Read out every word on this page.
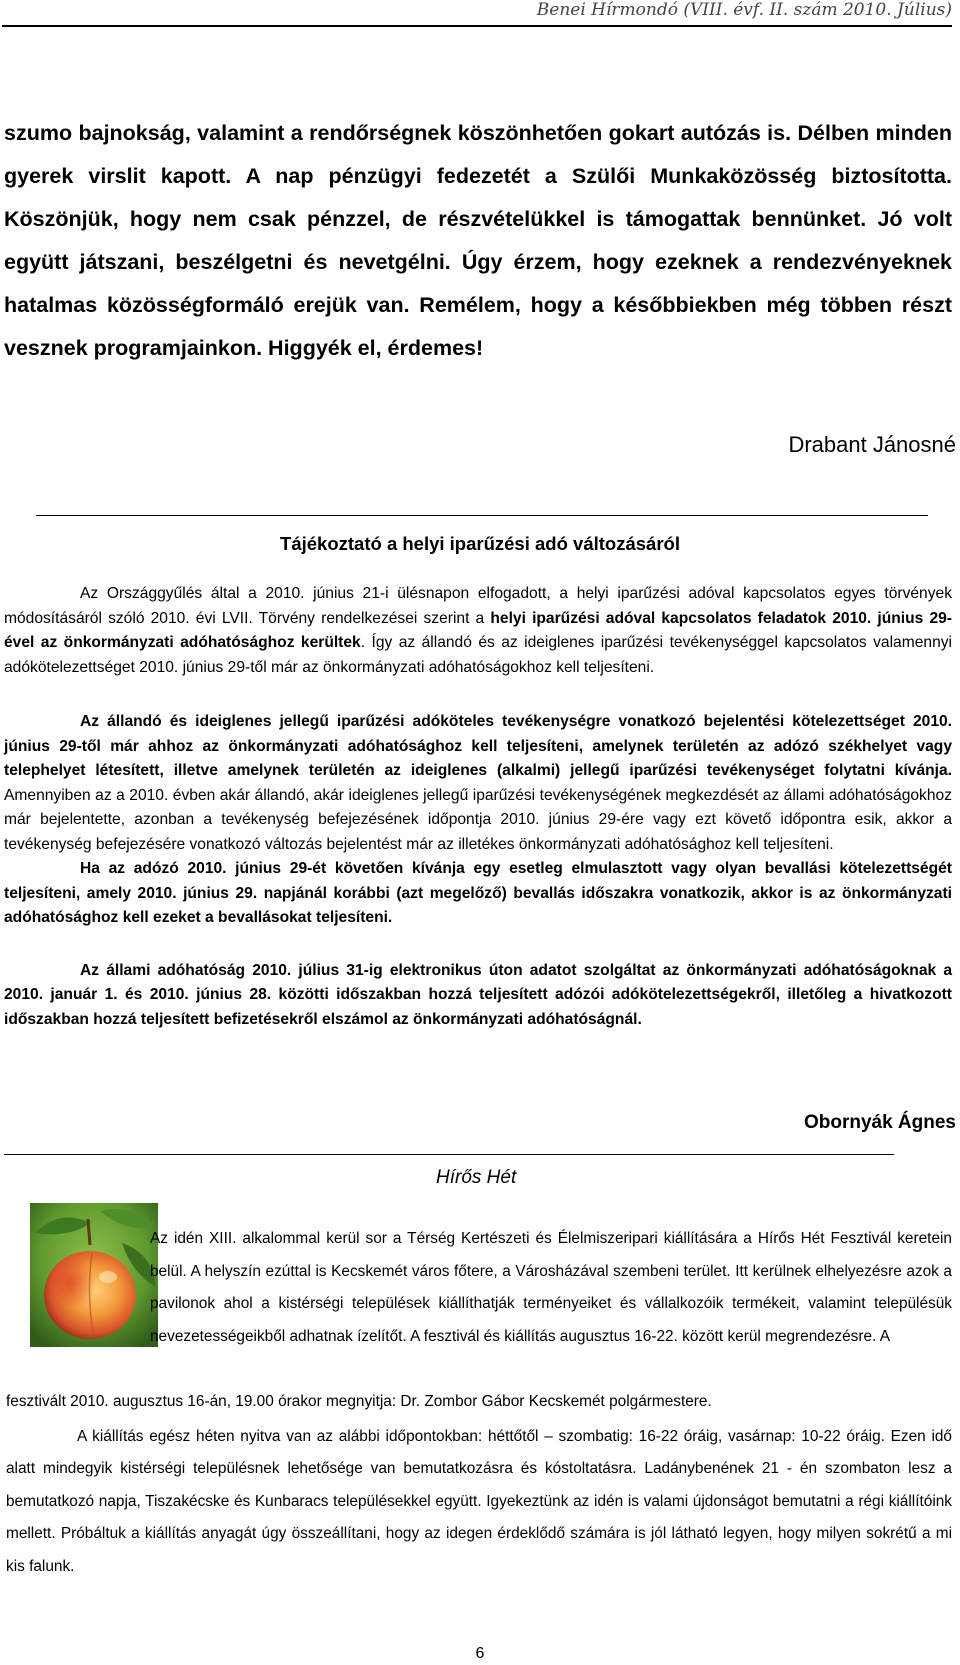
Benei Hírmondó (VIII. évf. II. szám 2010. Július)

szumo bajnokság, valamint a rendőrségnek köszönhetően gokart autózás is. Délben minden gyerek virslit kapott. A nap pénzügyi fedezetét a Szülői Munkaközösség biztosította. Köszönjük, hogy nem csak pénzzel, de részvételükkel is támogattak bennünket. Jó volt együtt játszani, beszélgetni és nevetgélni. Úgy érzem, hogy ezeknek a rendezvényeknek hatalmas közösségformáló erejük van. Remélem, hogy a későbbiekben még többen részt vesznek programjainkon. Higgyék el, érdemes!

Drabant Jánosné

Tájékoztató a helyi iparűzési adó változásáról

Az Országgyűlés által a 2010. június 21-i ülésnapon elfogadott, a helyi iparűzési adóval kapcsolatos egyes törvények módosításáról szóló 2010. évi LVII. Törvény rendelkezései szerint a helyi iparűzési adóval kapcsolatos feladatok 2010. június 29-ével az önkormányzati adóhatósághoz kerültek. Így az állandó és az ideiglenes iparűzési tevékenységgel kapcsolatos valamennyi adókötelezettséget 2010. június 29-től már az önkormányzati adóhatóságokhoz kell teljesíteni.

Az állandó és ideiglenes jellegű iparűzési adóköteles tevékenységre vonatkozó bejelentési kötelezettséget 2010. június 29-től már ahhoz az önkormányzati adóhatósághoz kell teljesíteni, amelynek területén az adózó székhelyet vagy telephelyet létesített, illetve amelynek területén az ideiglenes (alkalmi) jellegű iparűzési tevékenységet folytatni kívánja. Amennyiben az a 2010. évben akár állandó, akár ideiglenes jellegű iparűzési tevékenységének megkezdését az állami adóhatóságokhoz már bejelentette, azonban a tevékenység befejezésének időpontja 2010. június 29-ére vagy ezt követő időpontra esik, akkor a tevékenység befejezésére vonatkozó változás bejelentést már az illetékes önkormányzati adóhatósághoz kell teljesíteni.

Ha az adózó 2010. június 29-ét követően kívánja egy esetleg elmulasztott vagy olyan bevallási kötelezettségét teljesíteni, amely 2010. június 29. napjánál korábbi (azt megelőző) bevallás időszakra vonatkozik, akkor is az önkormányzati adóhatósághoz kell ezeket a bevallásokat teljesíteni.

Az állami adóhatóság 2010. július 31-ig elektronikus úton adatot szolgáltat az önkormányzati adóhatóságoknak a 2010. január 1. és 2010. június 28. közötti időszakban hozzá teljesített adózói adókötelezettségekről, illetőleg a hivatkozott időszakban hozzá teljesített befizetésekről elszámol az önkormányzati adóhatóságnál.

Obornyák Ágnes

Hírős Hét

Az idén XIII. alkalommal kerül sor a Térség Kertészeti és Élelmiszeripari kiállítására a Hírős Hét Fesztivál keretein belül. A helyszín ezúttal is Kecskemét város főtere, a Városházával szembeni terület. Itt kerülnek elhelyezésre azok a pavilonok ahol a kistérségi települések kiállíthatják terményeiket és vállalkozóik termékeit, valamint településük nevezetességeikből adhatnak ízelítőt. A fesztivál és kiállítás augusztus 16-22. között kerül megrendezésre. A

fesztivált 2010. augusztus 16-án, 19.00 órakor megnyitja: Dr. Zombor Gábor Kecskemét polgármestere.

A kiállítás egész héten nyitva van az alábbi időpontokban: héttőtől – szombatig: 16-22 óráig, vasárnap: 10-22 óráig. Ezen idő alatt mindegyik kistérségi településnek lehetősége van bemutatkozásra és kóstoltatásra. Ladánybenének 21 - én szombaton lesz a bemutatkozó napja, Tiszakécske és Kunbaracs településekkel együtt. Igyekeztünk az idén is valami újdonságot bemutatni a régi kiállítóink mellett. Próbáltuk a kiállítás anyagát úgy összeállítani, hogy az idegen érdeklődő számára is jól látható legyen, hogy milyen sokrétű a mi kis falunk.

6
